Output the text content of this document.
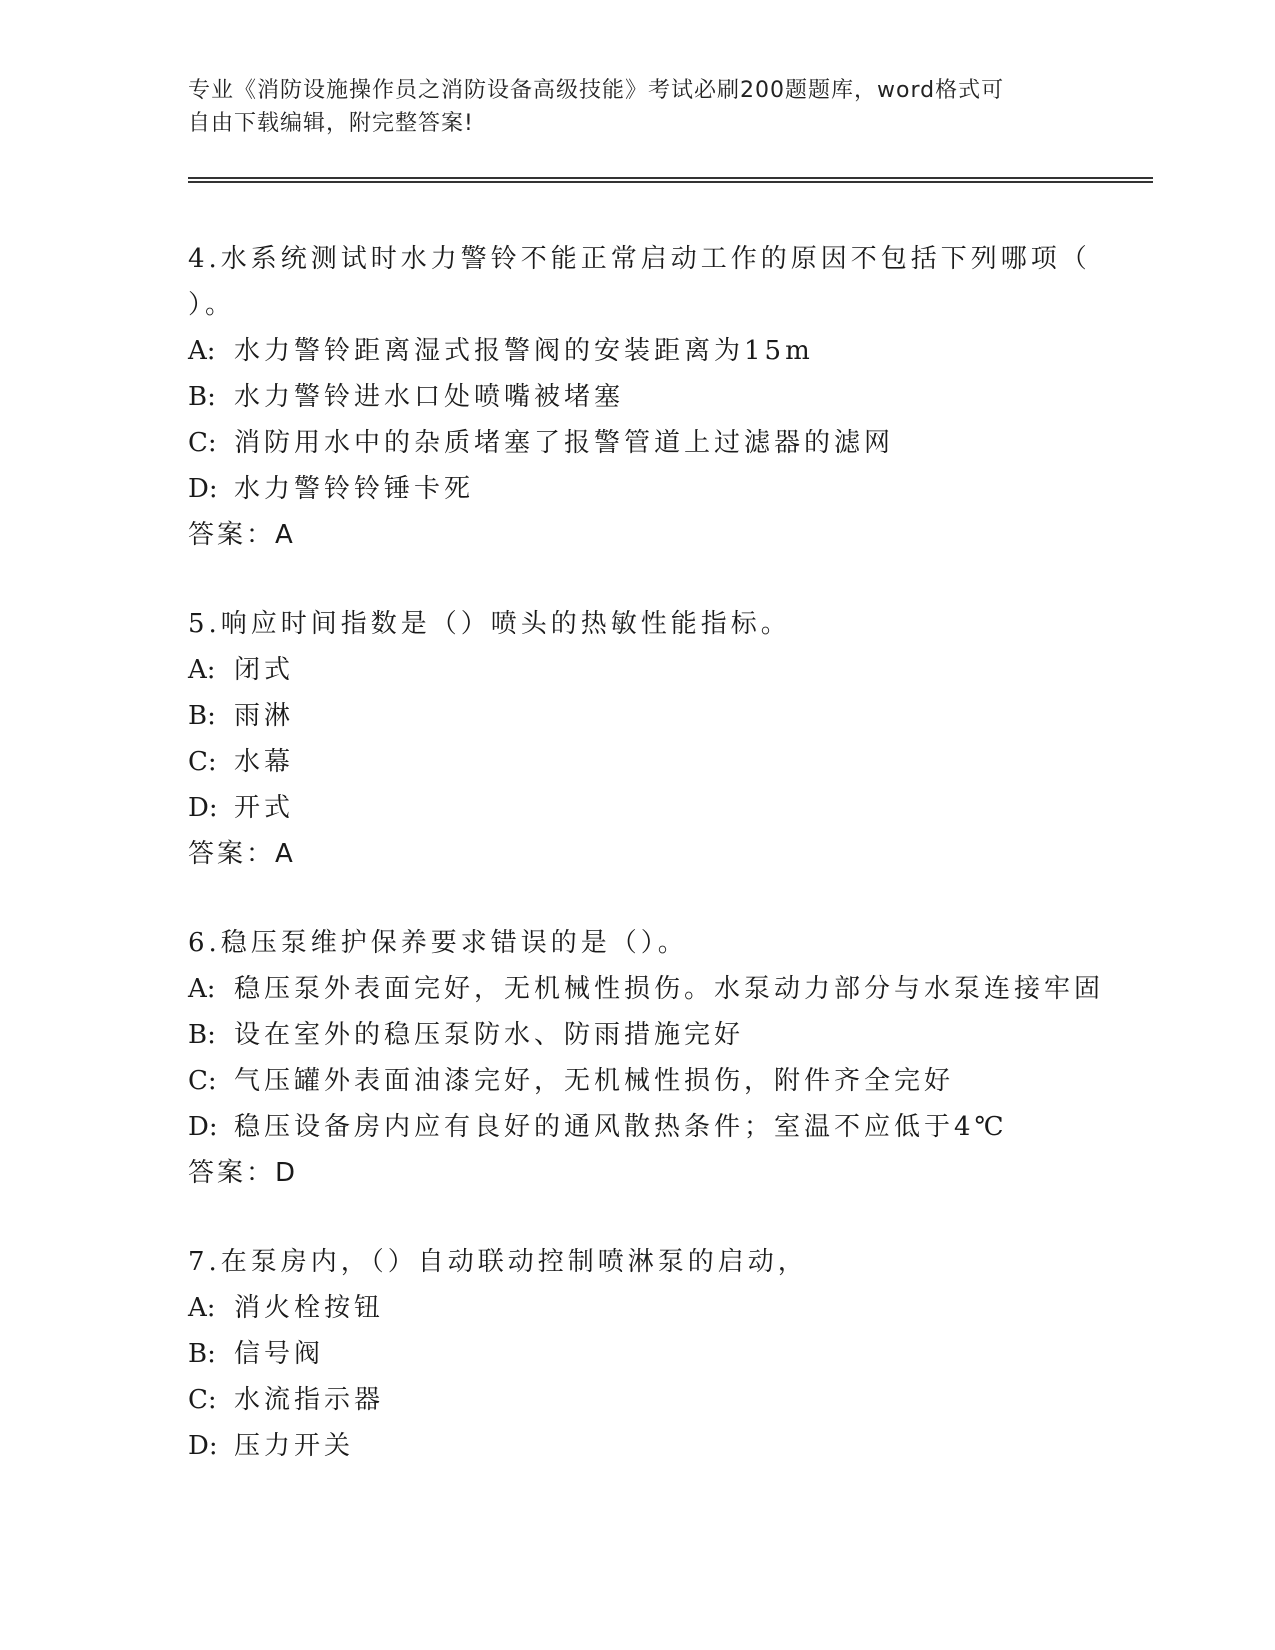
专业《消防设施操作员之消防设备高级技能》考试必刷200题题库，word格式可
自由下载编辑，附完整答案!

4.水系统测试时水力警铃不能正常启动工作的原因不包括下列哪项（

）。

A: 水力警铃距离湿式报警阀的安装距离为15m

B: 水力警铃进水口处喷嘴被堵塞

C: 消防用水中的杂质堵塞了报警管道上过滤器的滤网

D: 水力警铃铃锤卡死

答案：A

5.响应时间指数是（）喷头的热敏性能指标。

A: 闭式

B: 雨淋

C: 水幕

D: 开式

答案：A

6.稳压泵维护保养要求错误的是（）。

A: 稳压泵外表面完好，无机械性损伤。水泵动力部分与水泵连接牢固

B: 设在室外的稳压泵防水、防雨措施完好

C: 气压罐外表面油漆完好，无机械性损伤，附件齐全完好

D: 稳压设备房内应有良好的通风散热条件；室温不应低于4℃

答案：D

7.在泵房内，（）自动联动控制喷淋泵的启动，

A: 消火栓按钮

B: 信号阀

C: 水流指示器

D: 压力开关
